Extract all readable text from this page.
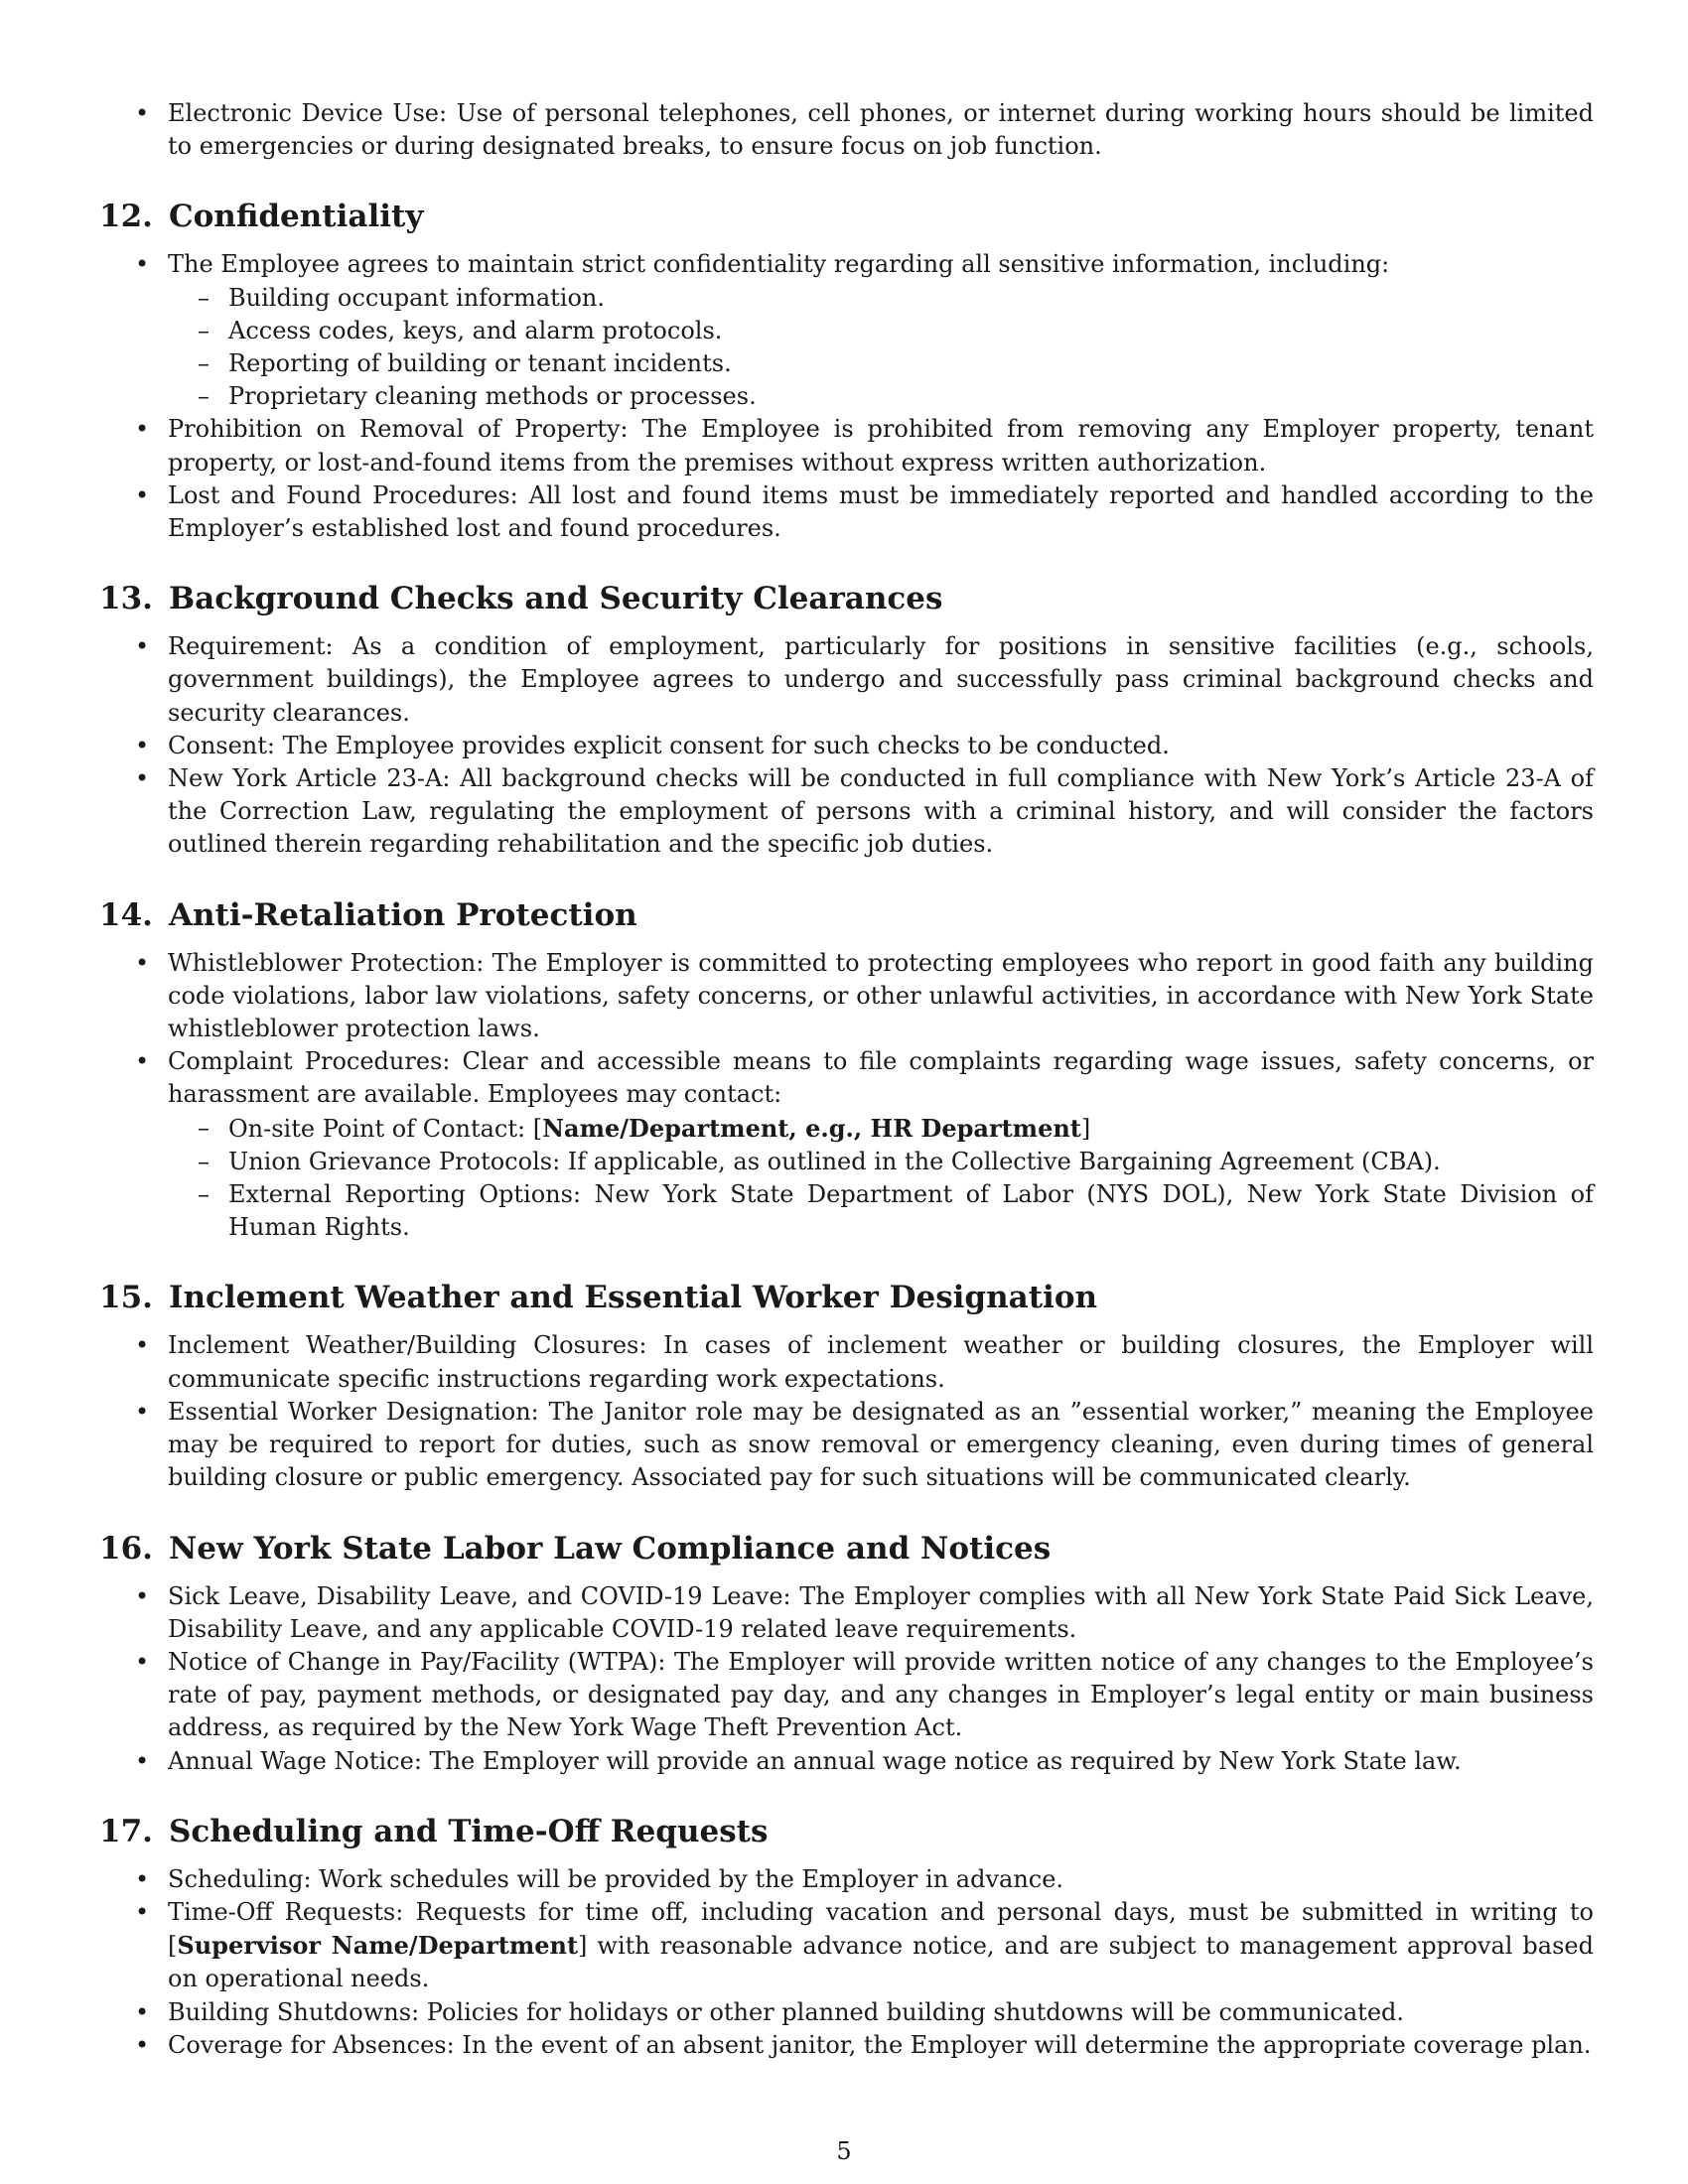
• Electronic Device Use: Use of personal telephones, cell phones, or internet during working hours should be limited to emergencies or during designated breaks, to ensure focus on job function.
12. Confidentiality
• The Employee agrees to maintain strict confidentiality regarding all sensitive information, including:
– Building occupant information.
– Access codes, keys, and alarm protocols.
– Reporting of building or tenant incidents.
– Proprietary cleaning methods or processes.
• Prohibition on Removal of Property: The Employee is prohibited from removing any Employer property, tenant property, or lost-and-found items from the premises without express written authorization.
• Lost and Found Procedures: All lost and found items must be immediately reported and handled according to the Employer’s established lost and found procedures.
13. Background Checks and Security Clearances
• Requirement: As a condition of employment, particularly for positions in sensitive facilities (e.g., schools, government buildings), the Employee agrees to undergo and successfully pass criminal background checks and security clearances.
• Consent: The Employee provides explicit consent for such checks to be conducted.
• New York Article 23-A: All background checks will be conducted in full compliance with New York’s Article 23-A of the Correction Law, regulating the employment of persons with a criminal history, and will consider the factors outlined therein regarding rehabilitation and the specific job duties.
14. Anti-Retaliation Protection
• Whistleblower Protection: The Employer is committed to protecting employees who report in good faith any building code violations, labor law violations, safety concerns, or other unlawful activities, in accordance with New York State whistleblower protection laws.
• Complaint Procedures: Clear and accessible means to file complaints regarding wage issues, safety concerns, or harassment are available. Employees may contact:
– On-site Point of Contact: [Name/Department, e.g., HR Department]
– Union Grievance Protocols: If applicable, as outlined in the Collective Bargaining Agreement (CBA).
– External Reporting Options: New York State Department of Labor (NYS DOL), New York State Division of Human Rights.
15. Inclement Weather and Essential Worker Designation
• Inclement Weather/Building Closures: In cases of inclement weather or building closures, the Employer will communicate specific instructions regarding work expectations.
• Essential Worker Designation: The Janitor role may be designated as an ”essential worker,” meaning the Employee may be required to report for duties, such as snow removal or emergency cleaning, even during times of general building closure or public emergency. Associated pay for such situations will be communicated clearly.
16. New York State Labor Law Compliance and Notices
• Sick Leave, Disability Leave, and COVID-19 Leave: The Employer complies with all New York State Paid Sick Leave, Disability Leave, and any applicable COVID-19 related leave requirements.
• Notice of Change in Pay/Facility (WTPA): The Employer will provide written notice of any changes to the Employee’s rate of pay, payment methods, or designated pay day, and any changes in Employer’s legal entity or main business address, as required by the New York Wage Theft Prevention Act.
• Annual Wage Notice: The Employer will provide an annual wage notice as required by New York State law.
17. Scheduling and Time-Off Requests
• Scheduling: Work schedules will be provided by the Employer in advance.
• Time-Off Requests: Requests for time off, including vacation and personal days, must be submitted in writing to [Supervisor Name/Department] with reasonable advance notice, and are subject to management approval based on operational needs.
• Building Shutdowns: Policies for holidays or other planned building shutdowns will be communicated.
• Coverage for Absences: In the event of an absent janitor, the Employer will determine the appropriate coverage plan.
5
